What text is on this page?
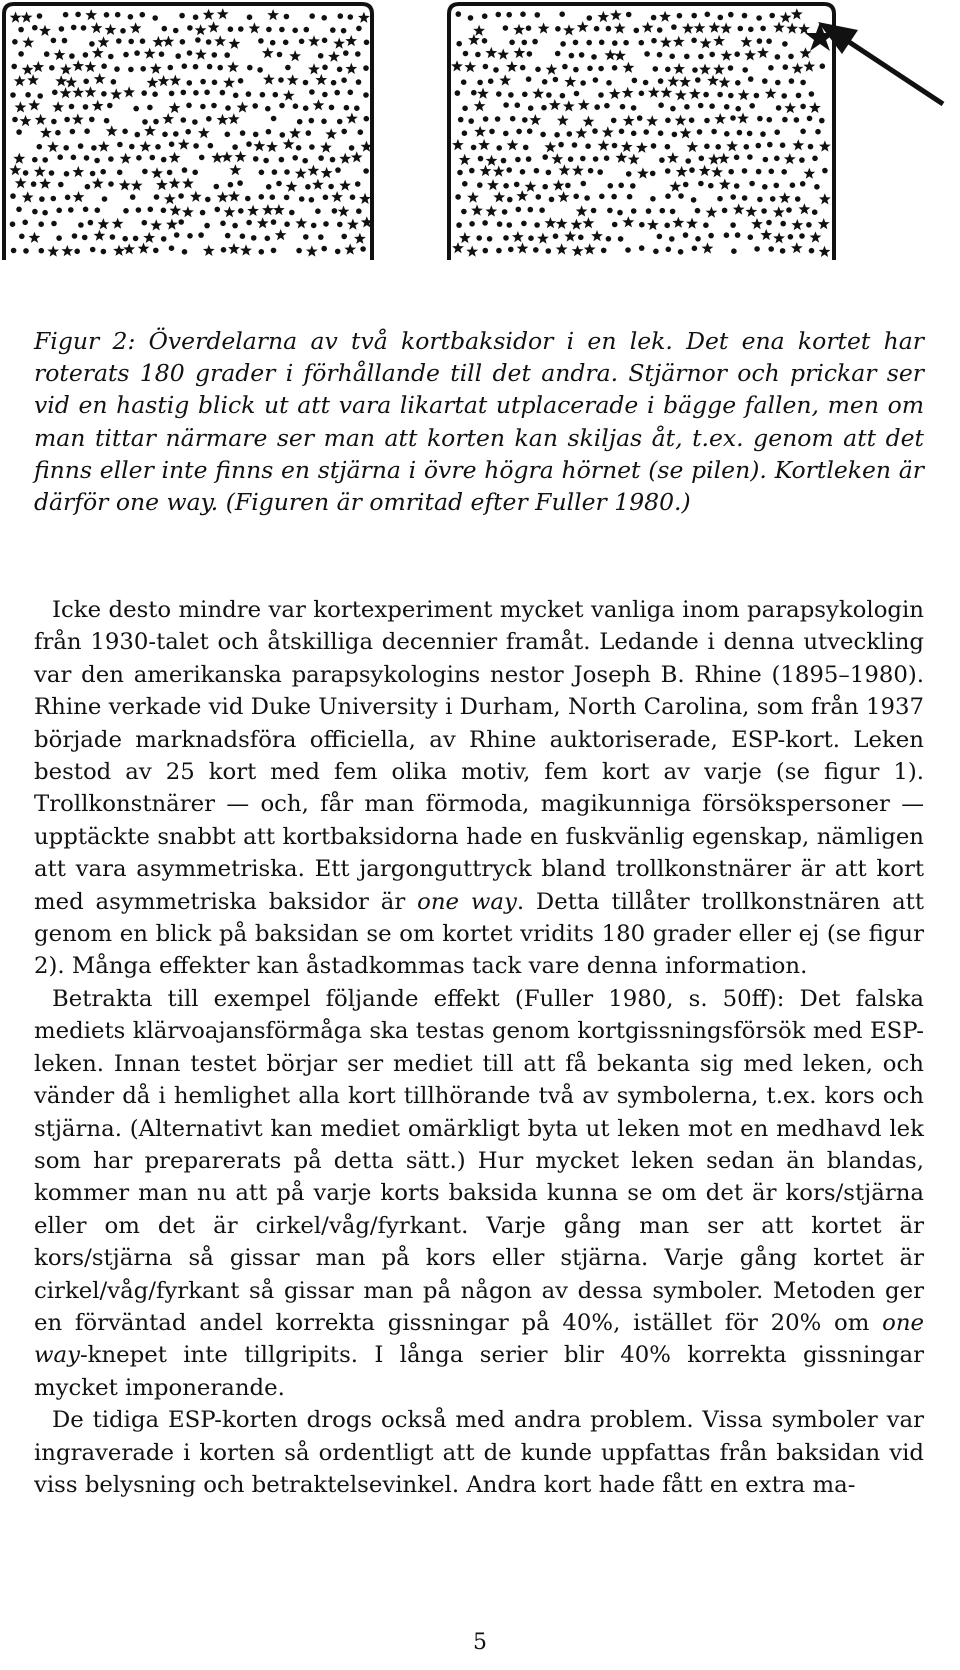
Figur 2: Överdelarna av två kortbaksidor i en lek. Det ena kortet har roterats 180 grader i förhållande till det andra. Stjärnor och prickar ser vid en hastig blick ut att vara likartat utplacerade i bägge fallen, men om man tittar närmare ser man att korten kan skiljas åt, t.ex. genom att det finns eller inte finns en stjärna i övre högra hörnet (se pilen). Kortleken är därför one way. (Figuren är omritad efter Fuller 1980.)

Icke desto mindre var kortexperiment mycket vanliga inom parapsykologin från 1930-talet och åtskilliga decennier framåt. Ledande i denna utveckling var den amerikanska parapsykologins nestor Joseph B. Rhine (1895–1980). Rhine verkade vid Duke University i Durham, North Carolina, som från 1937 började marknadsföra officiella, av Rhine auktoriserade, ESP-kort. Leken bestod av 25 kort med fem olika motiv, fem kort av varje (se figur 1). Trollkonstnärer — och, får man förmoda, magikunniga försökspersoner — upptäckte snabbt att kortbaksidorna hade en fuskvänlig egenskap, nämligen att vara asymmetriska. Ett jargonguttryck bland trollkonstnärer är att kort med asymmetriska baksidor är one way. Detta tillåter trollkonstnären att genom en blick på baksidan se om kortet vridits 180 grader eller ej (se figur 2). Många effekter kan åstadkommas tack vare denna information.

Betrakta till exempel följande effekt (Fuller 1980, s. 50ff): Det falska mediets klärvoajansförmåga ska testas genom kortgissningsförsök med ESP-leken. Innan testet börjar ser mediet till att få bekanta sig med leken, och vänder då i hemlighet alla kort tillhörande två av symbolerna, t.ex. kors och stjärna. (Alternativt kan mediet omärkligt byta ut leken mot en medhavd lek som har preparerats på detta sätt.) Hur mycket leken sedan än blandas, kommer man nu att på varje korts baksida kunna se om det är kors/stjärna eller om det är cirkel/våg/fyrkant. Varje gång man ser att kortet är kors/stjärna så gissar man på kors eller stjärna. Varje gång kortet är cirkel/våg/fyrkant så gissar man på någon av dessa symboler. Metoden ger en förväntad andel korrekta gissningar på 40%, istället för 20% om one way-knepet inte tillgripits. I långa serier blir 40% korrekta gissningar mycket imponerande.

De tidiga ESP-korten drogs också med andra problem. Vissa symboler var ingraverade i korten så ordentligt att de kunde uppfattas från baksidan vid viss belysning och betraktelsevinkel. Andra kort hade fått en extra ma-

5
